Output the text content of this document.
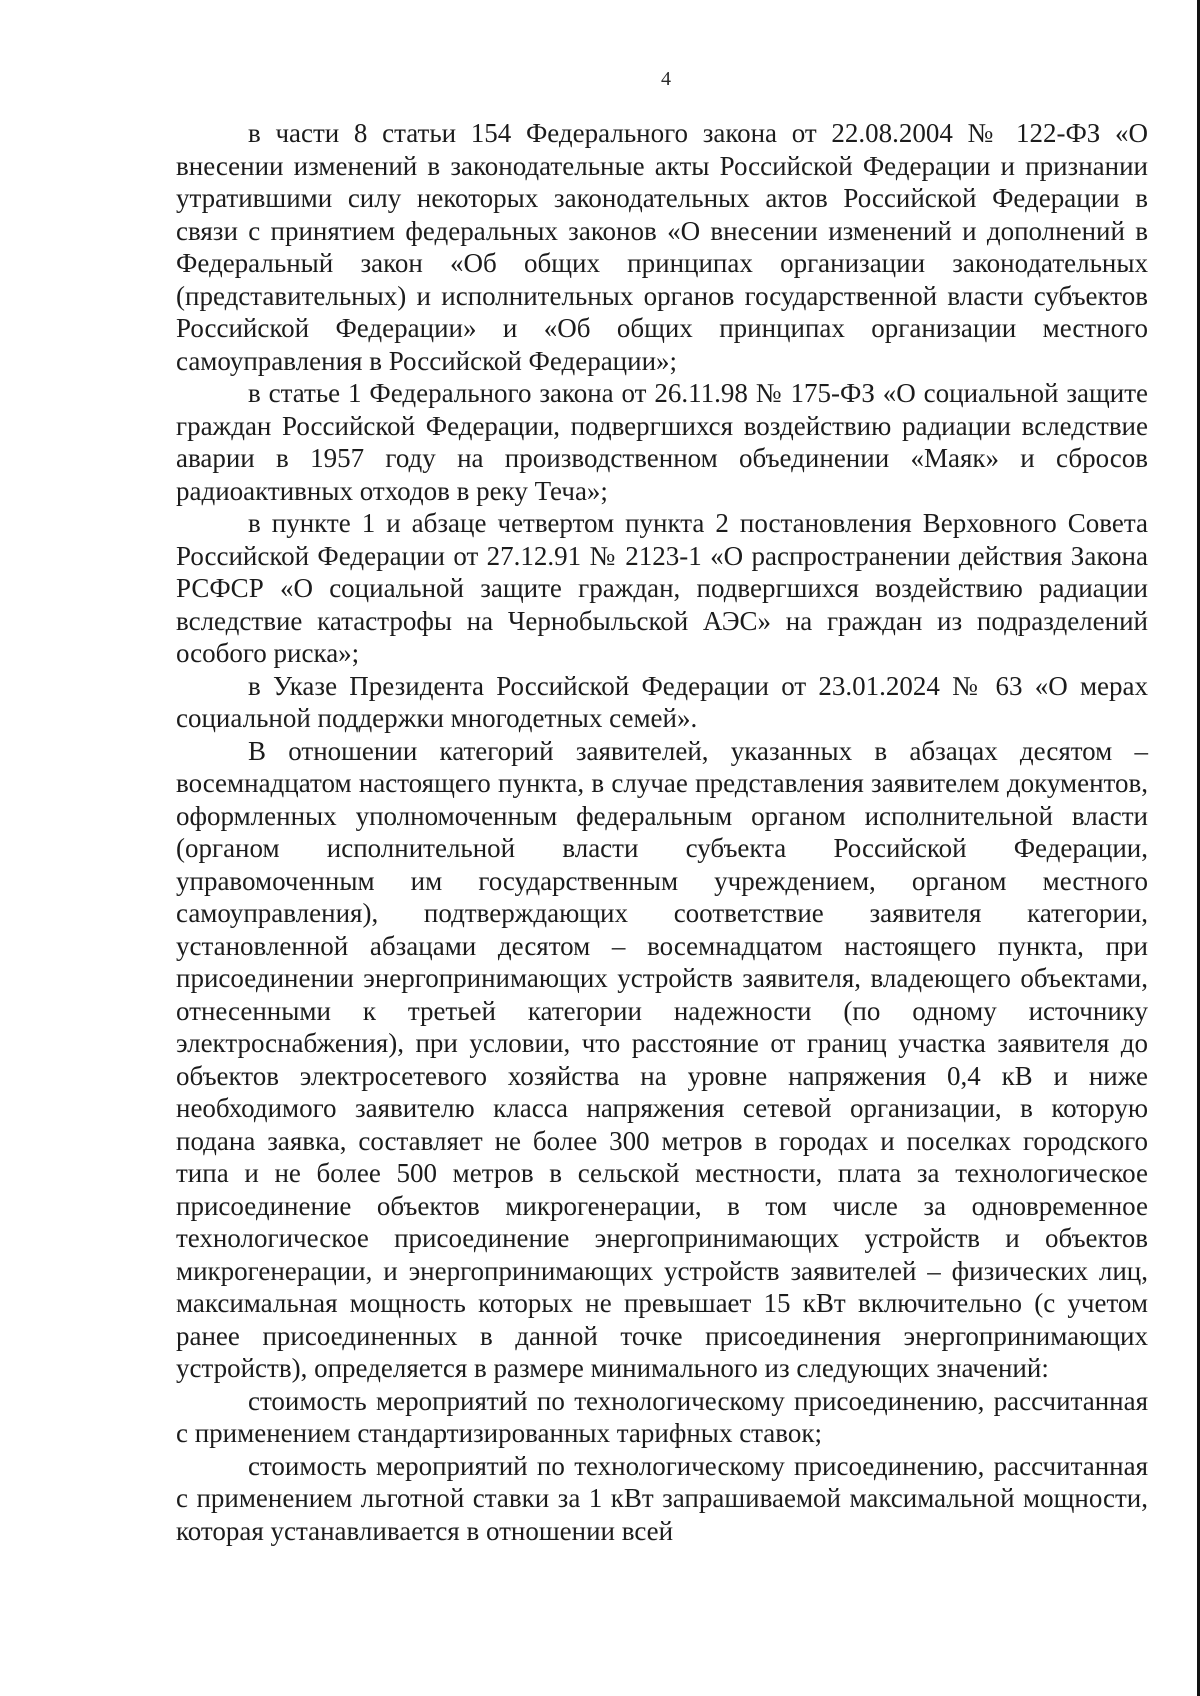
4

в части 8 статьи 154 Федерального закона от 22.08.2004 № 122-ФЗ «О внесении изменений в законодательные акты Российской Федерации и признании утратившими силу некоторых законодательных актов Российской Федерации в связи с принятием федеральных законов «О внесении изменений и дополнений в Федеральный закон «Об общих принципах организации законодательных (представительных) и исполнительных органов государственной власти субъектов Российской Федерации» и «Об общих принципах организации местного самоуправления в Российской Федерации»;

в статье 1 Федерального закона от 26.11.98 № 175-ФЗ «О социальной защите граждан Российской Федерации, подвергшихся воздействию радиации вследствие аварии в 1957 году на производственном объединении «Маяк» и сбросов радиоактивных отходов в реку Теча»;

в пункте 1 и абзаце четвертом пункта 2 постановления Верховного Совета Российской Федерации от 27.12.91 № 2123-1 «О распространении действия Закона РСФСР «О социальной защите граждан, подвергшихся воздействию радиации вследствие катастрофы на Чернобыльской АЭС» на граждан из подразделений особого риска»;

в Указе Президента Российской Федерации от 23.01.2024 № 63 «О мерах социальной поддержки многодетных семей».

В отношении категорий заявителей, указанных в абзацах десятом – восемнадцатом настоящего пункта, в случае представления заявителем документов, оформленных уполномоченным федеральным органом исполнительной власти (органом исполнительной власти субъекта Российской Федерации, управомоченным им государственным учреждением, органом местного самоуправления), подтверждающих соответствие заявителя категории, установленной абзацами десятом – восемнадцатом настоящего пункта, при присоединении энергопринимающих устройств заявителя, владеющего объектами, отнесенными к третьей категории надежности (по одному источнику электроснабжения), при условии, что расстояние от границ участка заявителя до объектов электросетевого хозяйства на уровне напряжения 0,4 кВ и ниже необходимого заявителю класса напряжения сетевой организации, в которую подана заявка, составляет не более 300 метров в городах и поселках городского типа и не более 500 метров в сельской местности, плата за технологическое присоединение объектов микрогенерации, в том числе за одновременное технологическое присоединение энергопринимающих устройств и объектов микрогенерации, и энергопринимающих устройств заявителей – физических лиц, максимальная мощность которых не превышает 15 кВт включительно (с учетом ранее присоединенных в данной точке присоединения энергопринимающих устройств), определяется в размере минимального из следующих значений:

стоимость мероприятий по технологическому присоединению, рассчитанная с применением стандартизированных тарифных ставок;

стоимость мероприятий по технологическому присоединению, рассчитанная с применением льготной ставки за 1 кВт запрашиваемой максимальной мощности, которая устанавливается в отношении всей
